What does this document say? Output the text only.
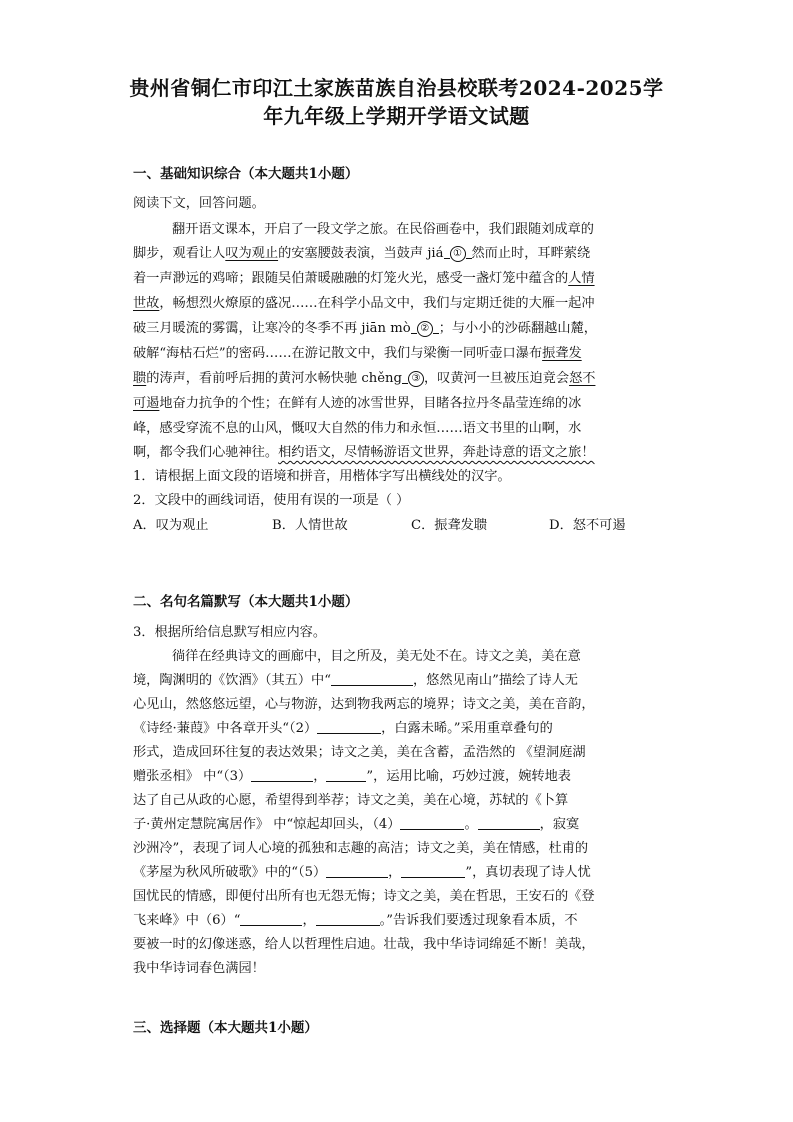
贵州省铜仁市印江土家族苗族自治县校联考2024-2025学
年九年级上学期开学语文试题
一、基础知识综合（本大题共1小题）
阅读下文，回答问题。
翻开语文课本，开启了一段文学之旅。在民俗画卷中，我们跟随刘成章的
脚步，观看让人叹为观止的安塞腰鼓表演，当鼓声 jiá ① 然而止时，耳畔萦绕
着一声渺远的鸡啼；跟随吴伯萧暖融融的灯笼火光，感受一盏灯笼中蕴含的人情
世故，畅想烈火燎原的盛况……在科学小品文中，我们与定期迁徙的大雁一起冲
破三月暖流的雾霭，让寒冷的冬季不再 jiān mò ② ；与小小的沙砾翻越山麓，
破解“海枯石烂”的密码……在游记散文中，我们与梁衡一同听壶口瀑布振聋发
聩的涛声，看前呼后拥的黄河水畅快驰 chěng ③ ，叹黄河一旦被压迫竟会怒不
可遏地奋力抗争的个性；在鲜有人迹的冰雪世界，目睹各拉丹冬晶莹连绵的冰
峰，感受穿流不息的山风，慨叹大自然的伟力和永恒……语文书里的山啊，水
啊，都令我们心驰神往。相约语文，尽情畅游语文世界，奔赴诗意的语文之旅！
1．请根据上面文段的语境和拼音，用楷体字写出横线处的汉字。
2．文段中的画线词语，使用有误的一项是（ ）
A．叹为观止	B．人情世故	C．振聋发聩	D．怒不可遏
二、名句名篇默写（本大题共1小题）
3．根据所给信息默写相应内容。
徜徉在经典诗文的画廊中，目之所及，美无处不在。诗文之美，美在意
境，陶渊明的《饮酒》（其五）中“	，悠然见南山”描绘了诗人无
心见山，然悠悠远望，心与物游，达到物我两忘的境界；诗文之美，美在音韵，
《诗经·蒹葭》中各章开头“（2）	，白露未晞。”采用重章叠句的
形式，造成回环往复的表达效果；诗文之美，美在含蓄，孟浩然的 《望洞庭湖
赠张丞相》 中“（3）	，	”，运用比喻，巧妙过渡，婉转地表
达了自己从政的心愿，希望得到举荐；诗文之美，美在心境，苏轼的《卜算
子·黄州定慧院寓居作》 中“惊起却回头，（4）	。	，寂寞
沙洲冷”，表现了词人心境的孤独和志趣的高洁；诗文之美，美在情感，杜甫的
《茅屋为秋风所破歌》中的“（5）	，	”，真切表现了诗人忧
国忧民的情感，即便付出所有也无怨无悔；诗文之美，美在哲思，王安石的《登
飞来峰》中（6）“	，	。”告诉我们要透过现象看本质，不
要被一时的幻像迷惑，给人以哲理性启迪。壮哉，我中华诗词绵延不断！美哉，
我中华诗词春色满园！
三、选择题（本大题共1小题）
